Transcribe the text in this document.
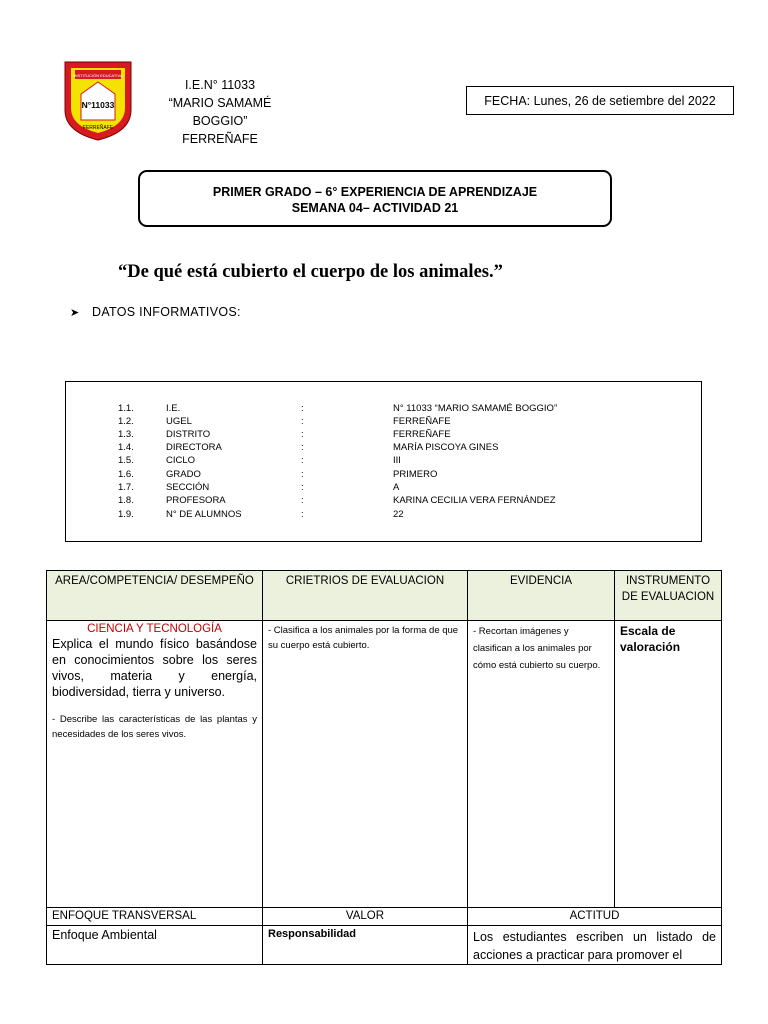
INSTITUCIÓN EDUCATIVA
N°11033
FERREÑAFE
I.E.N° 11033
“MARIO SAMAMÉ BOGGIO”
FERREÑAFE
FECHA: Lunes, 26 de setiembre del 2022
PRIMER GRADO – 6° EXPERIENCIA DE APRENDIZAJE
SEMANA 04– ACTIVIDAD 21
“De qué está cubierto el cuerpo de los animales.”
➤ DATOS INFORMATIVOS:
1.1.	I.E.	:	N° 11033 “MARIO SAMAMÉ BOGGIO”
1.2.	UGEL	:	FERREÑAFE
1.3.	DISTRITO	:	FERREÑAFE
1.4.	DIRECTORA	:	MARÍA PISCOYA GINES
1.5.	CICLO	:	III
1.6.	GRADO	:	PRIMERO
1.7.	SECCIÓN	:	A
1.8.	PROFESORA	:	KARINA CECILIA VERA FERNÁNDEZ
1.9.	N° DE ALUMNOS	:	22
AREA/COMPETENCIA/ DESEMPEÑO	CRIETRIOS DE EVALUACION	EVIDENCIA	INSTRUMENTO DE EVALUACION

CIENCIA Y TECNOLOGÍA
Explica el mundo físico basándose en conocimientos sobre los seres vivos, materia y energía, biodiversidad, tierra y universo.
- Describe las características de las plantas y necesidades de los seres vivos.	- Clasifica a los animales por la forma de que su cuerpo está cubierto.	- Recortan imágenes y clasifican a los animales por cómo está cubierto su cuerpo.	Escala de valoración

ENFOQUE TRANSVERSAL	VALOR	ACTITUD	

Enfoque Ambiental	Responsabilidad	Los estudiantes escriben un listado de acciones a practicar para promover el	
